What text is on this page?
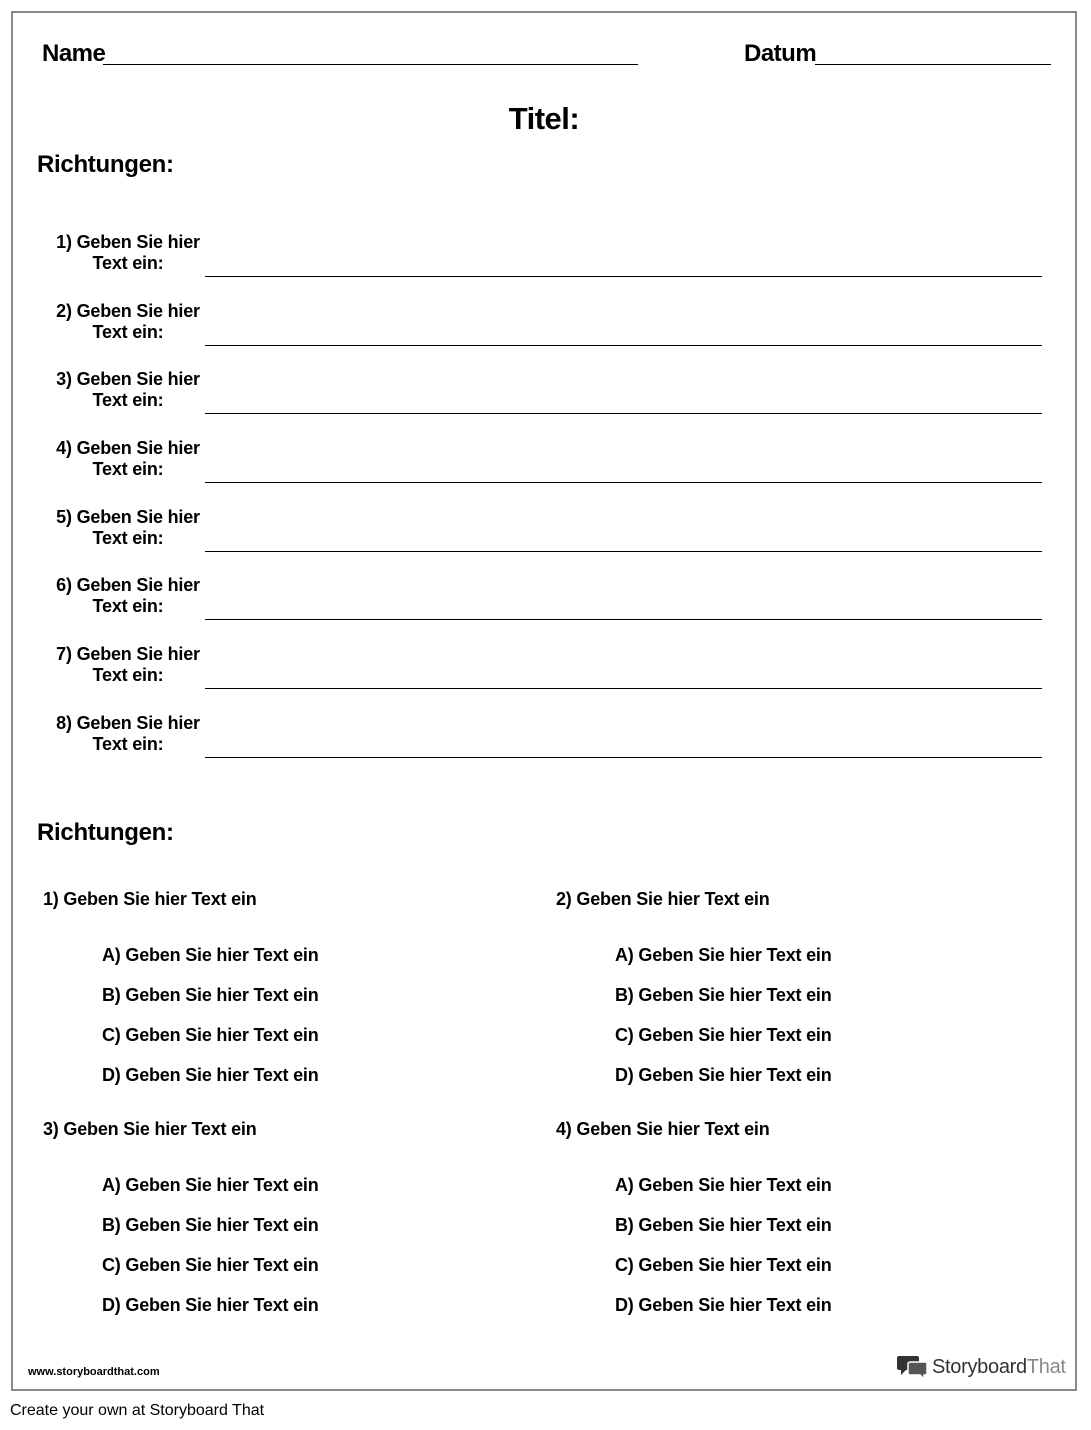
Name	Datum
Titel:
Richtungen:
1) Geben Sie hier
Text ein:
2) Geben Sie hier
Text ein:
3) Geben Sie hier
Text ein:
4) Geben Sie hier
Text ein:
5) Geben Sie hier
Text ein:
6) Geben Sie hier
Text ein:
7) Geben Sie hier
Text ein:
8) Geben Sie hier
Text ein:
Richtungen:
1) Geben Sie hier Text ein
A) Geben Sie hier Text ein
B) Geben Sie hier Text ein
C) Geben Sie hier Text ein
D) Geben Sie hier Text ein
2) Geben Sie hier Text ein
A) Geben Sie hier Text ein
B) Geben Sie hier Text ein
C) Geben Sie hier Text ein
D) Geben Sie hier Text ein
3) Geben Sie hier Text ein
A) Geben Sie hier Text ein
B) Geben Sie hier Text ein
C) Geben Sie hier Text ein
D) Geben Sie hier Text ein
4) Geben Sie hier Text ein
A) Geben Sie hier Text ein
B) Geben Sie hier Text ein
C) Geben Sie hier Text ein
D) Geben Sie hier Text ein
www.storyboardthat.com	StoryboardThat
Create your own at Storyboard That
